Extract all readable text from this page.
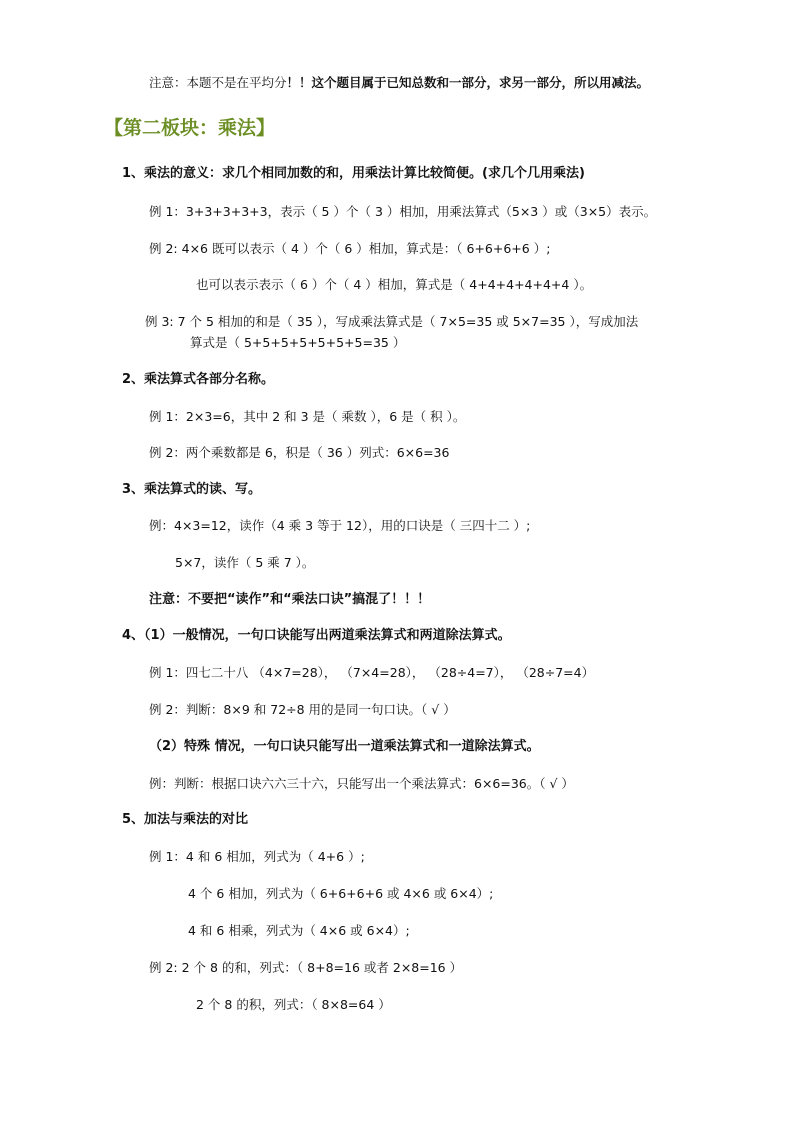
注意：本题不是在平均分！！这个题目属于已知总数和一部分，求另一部分，所以用减法。
【第二板块：乘法】
1、乘法的意义：求几个相同加数的和，用乘法计算比较简便。(求几个几用乘法)
例 1：3+3+3+3+3，表示（ 5 ）个（ 3 ）相加，用乘法算式（5×3 ）或（3×5）表示。
例 2: 4×6 既可以表示（ 4 ）个（ 6 ）相加，算式是：（ 6+6+6+6 ）;
也可以表示表示（ 6 ）个（ 4 ）相加，算式是（ 4+4+4+4+4+4 ）。
例 3: 7 个 5 相加的和是（ 35 ），写成乘法算式是（ 7×5=35 或 5×7=35 ），写成加法
算式是（ 5+5+5+5+5+5+5=35 ）
2、乘法算式各部分名称。
例 1：2×3=6，其中 2 和 3 是（ 乘数 ），6 是（ 积 ）。
例 2：两个乘数都是 6，积是（ 36 ）列式：6×6=36
3、乘法算式的读、写。
例：4×3=12，读作（4 乘 3 等于 12），用的口诀是（ 三四十二 ）;
5×7，读作（ 5 乘 7 ）。
注意：不要把“读作”和“乘法口诀”搞混了！！！
4、（1）一般情况，一句口诀能写出两道乘法算式和两道除法算式。
例 1：四七二十八 （4×7=28）， （7×4=28）， （28÷4=7）， （28÷7=4）
例 2：判断：8×9 和 72÷8 用的是同一句口诀。（ √ ）
（2）特殊 情况，一句口诀只能写出一道乘法算式和一道除法算式。
例：判断：根据口诀六六三十六，只能写出一个乘法算式：6×6=36。（ √ ）
5、加法与乘法的对比
例 1：4 和 6 相加，列式为（ 4+6 ）;
4 个 6 相加，列式为（ 6+6+6+6 或 4×6 或 6×4）;
4 和 6 相乘，列式为（ 4×6 或 6×4）;
例 2: 2 个 8 的和，列式：（ 8+8=16 或者 2×8=16 ）
2 个 8 的积，列式：（ 8×8=64 ）
